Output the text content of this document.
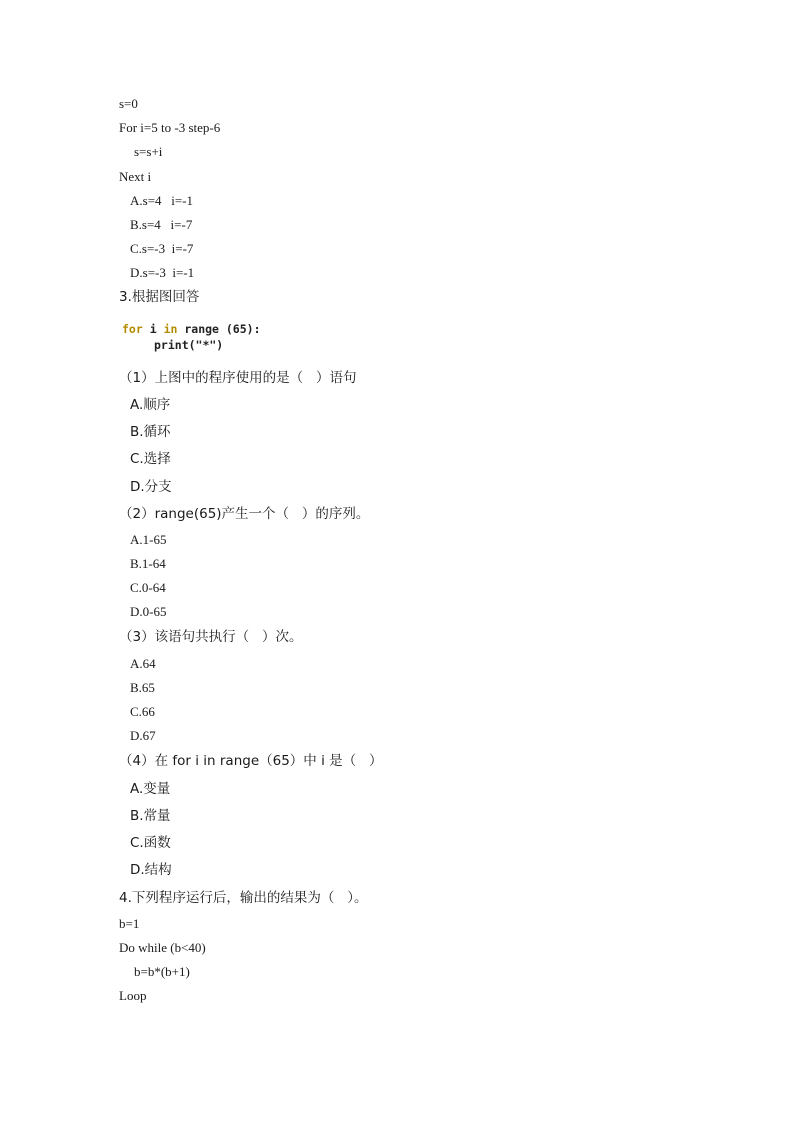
s=0
For i=5 to -3 step-6
s=s+i
Next i
A.s=4   i=-1
B.s=4   i=-7
C.s=-3  i=-7
D.s=-3  i=-1
3.根据图回答
for i in range (65):
print("*")
（1）上图中的程序使用的是（   ）语句
A.顺序
B.循环
C.选择
D.分支
（2）range(65)产生一个（   ）的序列。
A.1-65
B.1-64
C.0-64
D.0-65
（3）该语句共执行（   ）次。
A.64
B.65
C.66
D.67
（4）在 for i in range（65）中 i 是（   ）
A.变量
B.常量
C.函数
D.结构
4.下列程序运行后，输出的结果为（   ）。
b=1
Do while (b<40)
b=b*(b+1)
Loop
